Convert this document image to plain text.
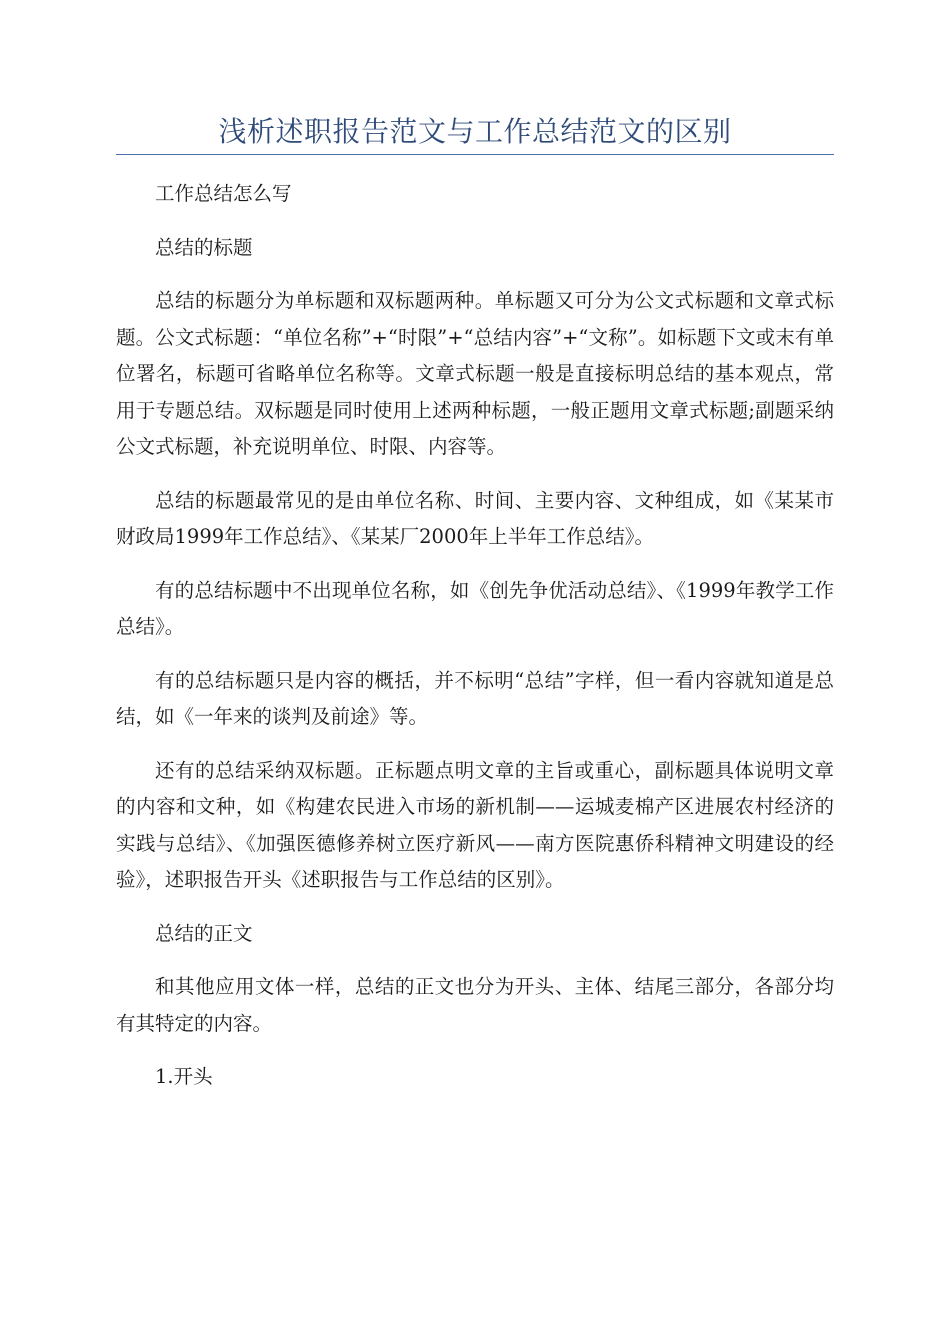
浅析述职报告范文与工作总结范文的区别

工作总结怎么写

总结的标题

总结的标题分为单标题和双标题两种。单标题又可分为公文式标题和文章式标题。公文式标题：“单位名称”+“时限”+“总结内容”+“文称”。如标题下文或末有单位署名，标题可省略单位名称等。文章式标题一般是直接标明总结的基本观点，常用于专题总结。双标题是同时使用上述两种标题，一般正题用文章式标题;副题采纳公文式标题，补充说明单位、时限、内容等。

总结的标题最常见的是由单位名称、时间、主要内容、文种组成，如《某某市财政局1999年工作总结》、《某某厂2000年上半年工作总结》。

有的总结标题中不出现单位名称，如《创先争优活动总结》、《1999年教学工作总结》。

有的总结标题只是内容的概括，并不标明“总结”字样，但一看内容就知道是总结，如《一年来的谈判及前途》等。

还有的总结采纳双标题。正标题点明文章的主旨或重心，副标题具体说明文章的内容和文种，如《构建农民进入市场的新机制——运城麦棉产区进展农村经济的实践与总结》、《加强医德修养树立医疗新风——南方医院惠侨科精神文明建设的经验》，述职报告开头《述职报告与工作总结的区别》。

总结的正文

和其他应用文体一样，总结的正文也分为开头、主体、结尾三部分，各部分均有其特定的内容。

1.开头
